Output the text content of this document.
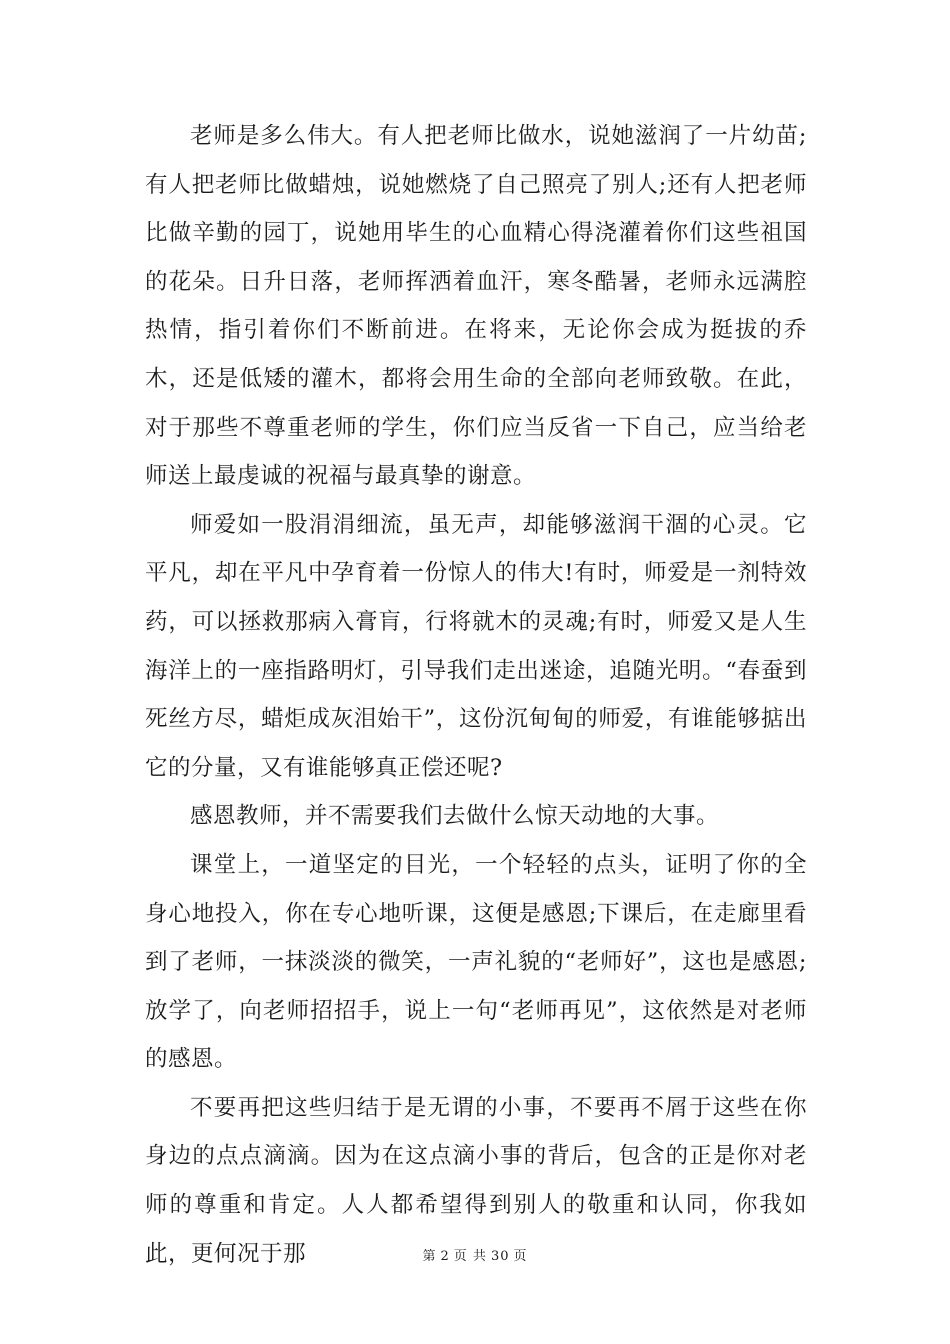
老师是多么伟大。有人把老师比做水，说她滋润了一片幼苗;有人把老师比做蜡烛，说她燃烧了自己照亮了别人;还有人把老师比做辛勤的园丁，说她用毕生的心血精心得浇灌着你们这些祖国的花朵。日升日落，老师挥洒着血汗，寒冬酷暑，老师永远满腔热情，指引着你们不断前进。在将来，无论你会成为挺拔的乔木，还是低矮的灌木，都将会用生命的全部向老师致敬。在此，对于那些不尊重老师的学生，你们应当反省一下自己，应当给老师送上最虔诚的祝福与最真挚的谢意。

师爱如一股涓涓细流，虽无声，却能够滋润干涸的心灵。它平凡，却在平凡中孕育着一份惊人的伟大!有时，师爱是一剂特效药，可以拯救那病入膏肓，行将就木的灵魂;有时，师爱又是人生海洋上的一座指路明灯，引导我们走出迷途，追随光明。“春蚕到死丝方尽，蜡炬成灰泪始干”，这份沉甸甸的师爱，有谁能够掂出它的分量，又有谁能够真正偿还呢?

感恩教师，并不需要我们去做什么惊天动地的大事。

课堂上，一道坚定的目光，一个轻轻的点头，证明了你的全身心地投入，你在专心地听课，这便是感恩;下课后，在走廊里看到了老师，一抹淡淡的微笑，一声礼貌的“老师好”，这也是感恩;放学了，向老师招招手，说上一句“老师再见”，这依然是对老师的感恩。

不要再把这些归结于是无谓的小事，不要再不屑于这些在你身边的点点滴滴。因为在这点滴小事的背后，包含的正是你对老师的尊重和肯定。人人都希望得到别人的敬重和认同，你我如此，更何况于那	第 2 页 共 30 页
